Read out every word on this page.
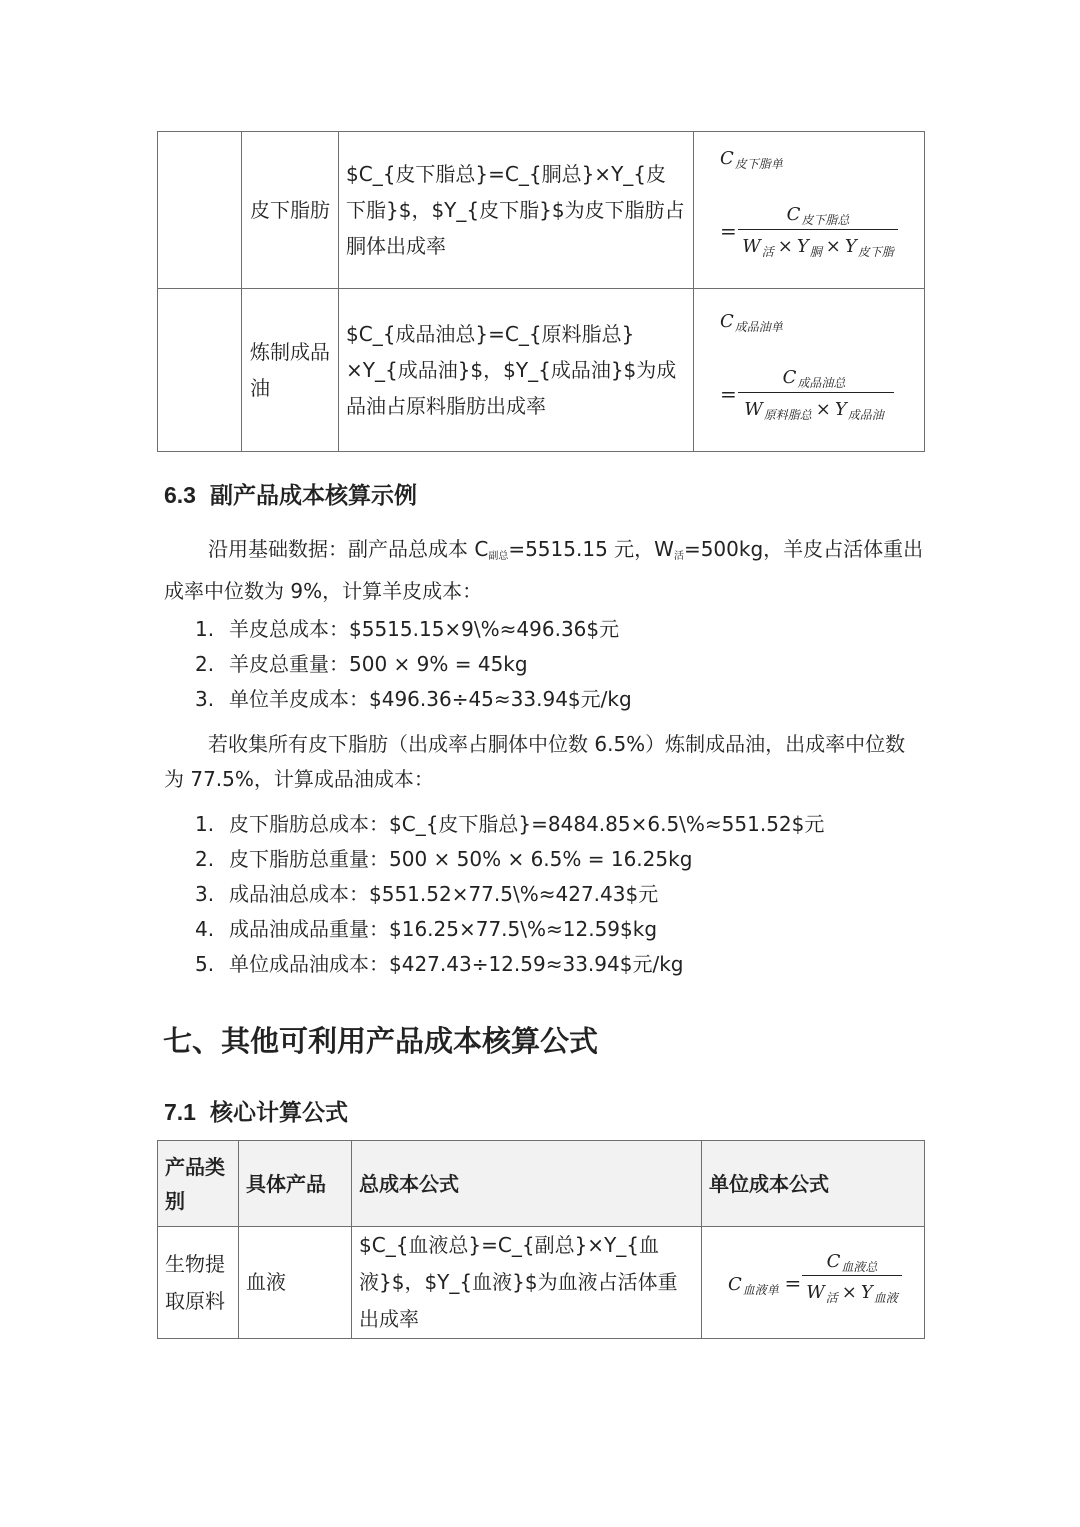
	皮下脂肪	$C_{皮下脂总}=C_{胴总}×Y_{皮下脂}$，$Y_{皮下脂}$为皮下脂肪占胴体出成率	$C_{皮下脂单}$
=
$C_{皮下脂总}$
$W_活 \times Y_胴 \times Y_{皮下脂}$

	炼制成品油	$C_{成品油总}=C_{原料脂总}×Y_{成品油}$，$Y_{成品油}$为成品油占原料脂肪出成率	$C_{成品油单}$
=
$C_{成品油总}$
$W_{原料脂总} \times Y_{成品油}$
6.3 副产品成本核算示例

沿用基础数据：副产品总成本 C副总=5515.15 元，W活=500kg，羊皮占活体重出成率中位数为 9%，计算羊皮成本：

1. 羊皮总成本：$5515.15×9\%≈496.36$元
2. 羊皮总重量：500 × 9% = 45kg
3. 单位羊皮成本：$496.36÷45≈33.94$元/kg

若收集所有皮下脂肪（出成率占胴体中位数 6.5%）炼制成品油，出成率中位数为 77.5%，计算成品油成本：

1. 皮下脂肪总成本：$C_{皮下脂总}=8484.85×6.5\%≈551.52$元
2. 皮下脂肪总重量：500 × 50% × 6.5% = 16.25kg
3. 成品油总成本：$551.52×77.5\%≈427.43$元
4. 成品油成品重量：$16.25×77.5\%≈12.59$kg
5. 单位成品油成本：$427.43÷12.59≈33.94$元/kg
七、其他可利用产品成本核算公式
7.1 核心计算公式
产品类别	具体产品	总成本公式	单位成本公式
生物提取原料	血液	$C_{血液总}=C_{副总}×Y_{血液}$，$Y_{血液}$为血液占活体重出成率	$C_{血液单}$ =
$C_{血液总}$
$W_活 \times Y_{血液}$
